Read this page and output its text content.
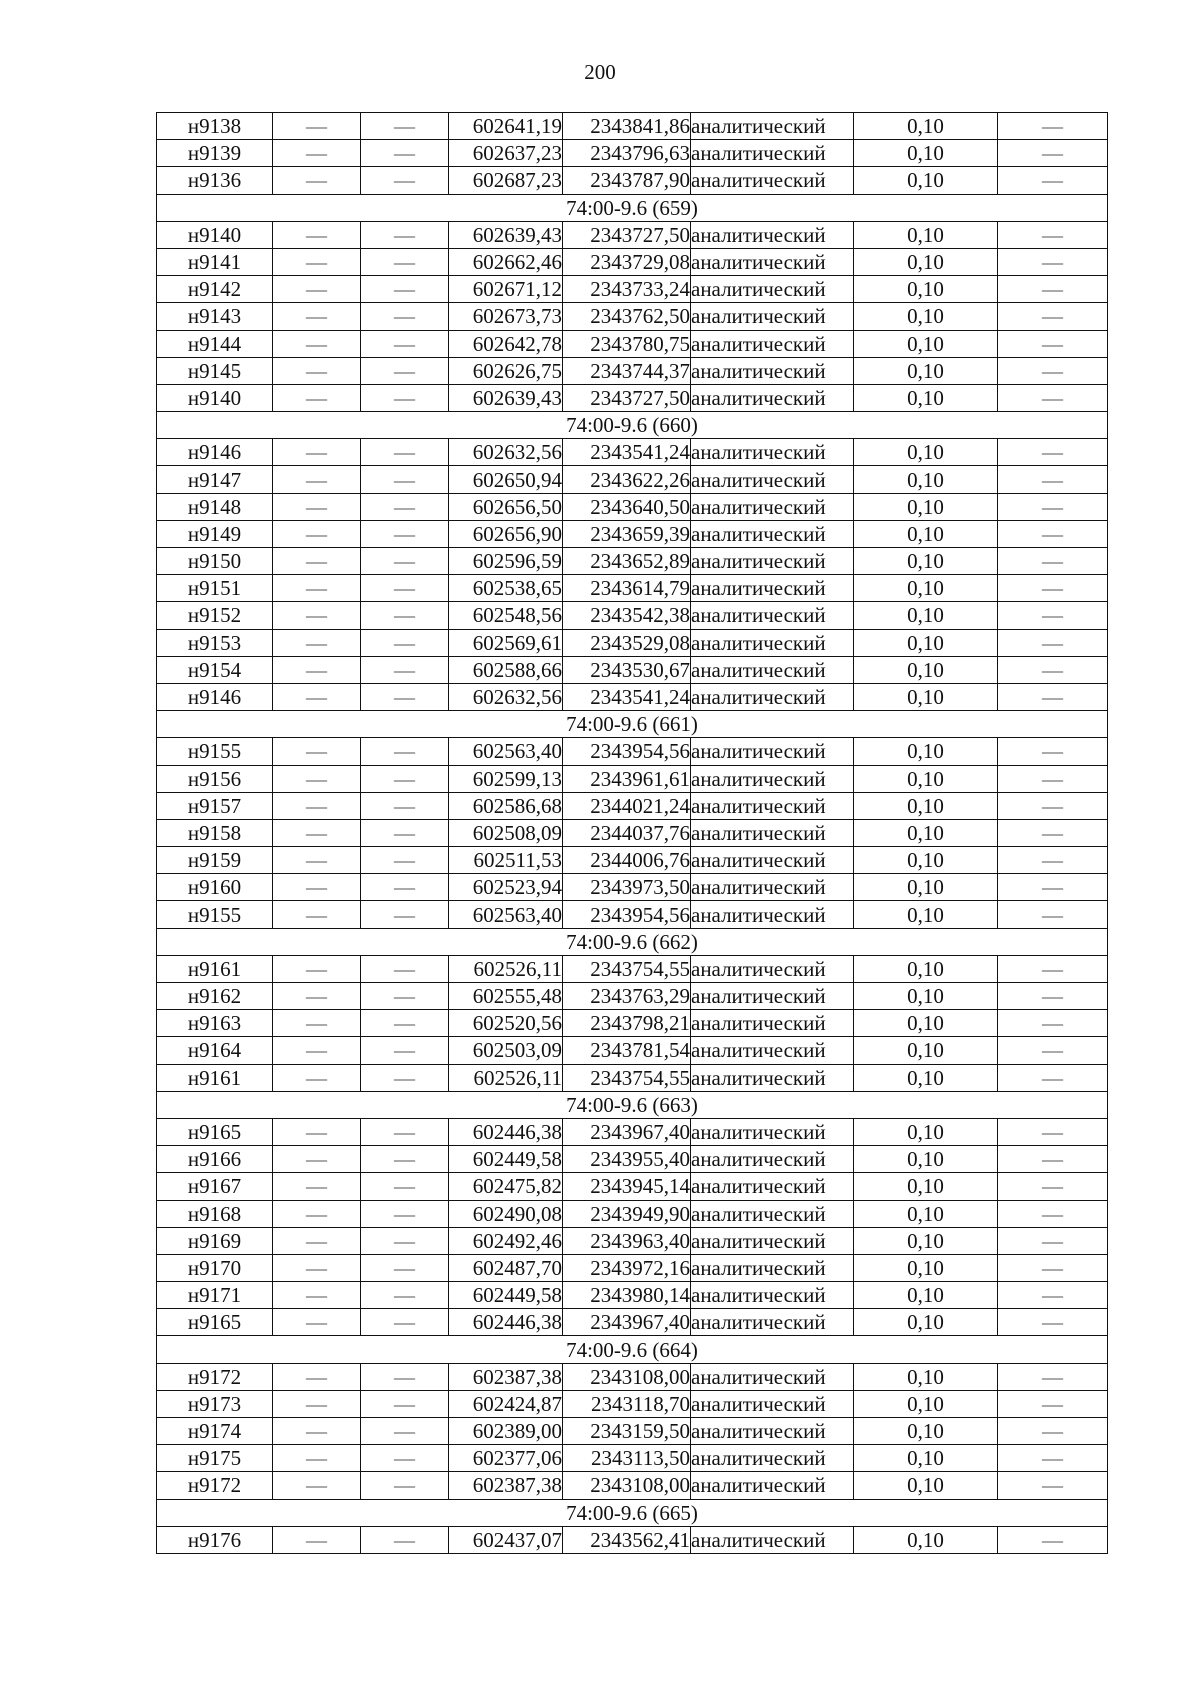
200
н9138	—	—	602641,19	2343841,86	аналитический	0,10	—
н9139	—	—	602637,23	2343796,63	аналитический	0,10	—
н9136	—	—	602687,23	2343787,90	аналитический	0,10	—
74:00-9.6 (659)							
н9140	—	—	602639,43	2343727,50	аналитический	0,10	—
н9141	—	—	602662,46	2343729,08	аналитический	0,10	—
н9142	—	—	602671,12	2343733,24	аналитический	0,10	—
н9143	—	—	602673,73	2343762,50	аналитический	0,10	—
н9144	—	—	602642,78	2343780,75	аналитический	0,10	—
н9145	—	—	602626,75	2343744,37	аналитический	0,10	—
н9140	—	—	602639,43	2343727,50	аналитический	0,10	—
74:00-9.6 (660)							
н9146	—	—	602632,56	2343541,24	аналитический	0,10	—
н9147	—	—	602650,94	2343622,26	аналитический	0,10	—
н9148	—	—	602656,50	2343640,50	аналитический	0,10	—
н9149	—	—	602656,90	2343659,39	аналитический	0,10	—
н9150	—	—	602596,59	2343652,89	аналитический	0,10	—
н9151	—	—	602538,65	2343614,79	аналитический	0,10	—
н9152	—	—	602548,56	2343542,38	аналитический	0,10	—
н9153	—	—	602569,61	2343529,08	аналитический	0,10	—
н9154	—	—	602588,66	2343530,67	аналитический	0,10	—
н9146	—	—	602632,56	2343541,24	аналитический	0,10	—
74:00-9.6 (661)							
н9155	—	—	602563,40	2343954,56	аналитический	0,10	—
н9156	—	—	602599,13	2343961,61	аналитический	0,10	—
н9157	—	—	602586,68	2344021,24	аналитический	0,10	—
н9158	—	—	602508,09	2344037,76	аналитический	0,10	—
н9159	—	—	602511,53	2344006,76	аналитический	0,10	—
н9160	—	—	602523,94	2343973,50	аналитический	0,10	—
н9155	—	—	602563,40	2343954,56	аналитический	0,10	—
74:00-9.6 (662)							
н9161	—	—	602526,11	2343754,55	аналитический	0,10	—
н9162	—	—	602555,48	2343763,29	аналитический	0,10	—
н9163	—	—	602520,56	2343798,21	аналитический	0,10	—
н9164	—	—	602503,09	2343781,54	аналитический	0,10	—
н9161	—	—	602526,11	2343754,55	аналитический	0,10	—
74:00-9.6 (663)							
н9165	—	—	602446,38	2343967,40	аналитический	0,10	—
н9166	—	—	602449,58	2343955,40	аналитический	0,10	—
н9167	—	—	602475,82	2343945,14	аналитический	0,10	—
н9168	—	—	602490,08	2343949,90	аналитический	0,10	—
н9169	—	—	602492,46	2343963,40	аналитический	0,10	—
н9170	—	—	602487,70	2343972,16	аналитический	0,10	—
н9171	—	—	602449,58	2343980,14	аналитический	0,10	—
н9165	—	—	602446,38	2343967,40	аналитический	0,10	—
74:00-9.6 (664)							
н9172	—	—	602387,38	2343108,00	аналитический	0,10	—
н9173	—	—	602424,87	2343118,70	аналитический	0,10	—
н9174	—	—	602389,00	2343159,50	аналитический	0,10	—
н9175	—	—	602377,06	2343113,50	аналитический	0,10	—
н9172	—	—	602387,38	2343108,00	аналитический	0,10	—
74:00-9.6 (665)							
н9176	—	—	602437,07	2343562,41	аналитический	0,10	—
